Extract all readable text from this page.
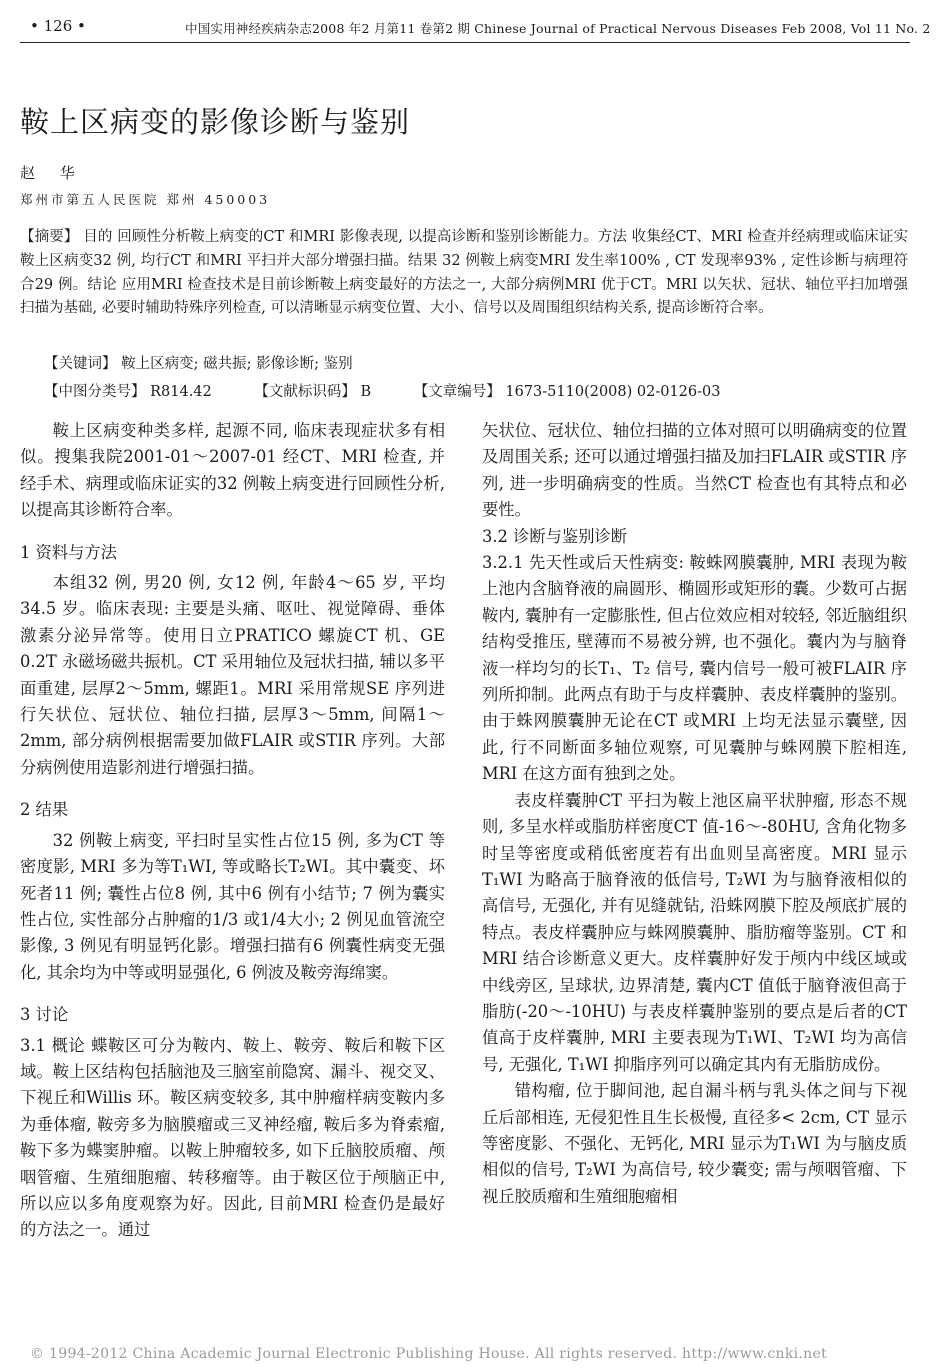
• 126 •	中国实用神经疾病杂志2008 年2 月第11 卷第2 期 Chinese Journal of Practical Nervous Diseases Feb 2008, Vol 11 No. 2
鞍上区病变的影像诊断与鉴别
赵 华
郑州市第五人民医院 郑州 450003

【摘要】 目的 回顾性分析鞍上病变的CT 和MRI 影像表现, 以提高诊断和鉴别诊断能力。方法 收集经CT、MRI 检查并经病理或临床证实鞍上区病变32 例, 均行CT 和MRI 平扫并大部分增强扫描。结果 32 例鞍上病变MRI 发生率100% , CT 发现率93% , 定性诊断与病理符合29 例。结论 应用MRI 检查技术是目前诊断鞍上病变最好的方法之一, 大部分病例MRI 优于CT。MRI 以矢状、冠状、轴位平扫加增强扫描为基础, 必要时辅助特殊序列检查, 可以清晰显示病变位置、大小、信号以及周围组织结构关系, 提高诊断符合率。

【关键词】 鞍上区病变; 磁共振; 影像诊断; 鉴别
【中图分类号】 R814.42	【文献标识码】 B	【文章编号】 1673-5110(2008) 02-0126-03

鞍上区病变种类多样, 起源不同, 临床表现症状多有相似。搜集我院2001-01～2007-01 经CT、MRI 检查, 并经手术、病理或临床证实的32 例鞍上病变进行回顾性分析, 以提高其诊断符合率。

1 资料与方法

本组32 例, 男20 例, 女12 例, 年龄4～65 岁, 平均34.5 岁。临床表现: 主要是头痛、呕吐、视觉障碍、垂体激素分泌异常等。使用日立PRATICO 螺旋CT 机、GE 0.2T 永磁场磁共振机。CT 采用轴位及冠状扫描, 辅以多平面重建, 层厚2～5mm, 螺距1。MRI 采用常规SE 序列进行矢状位、冠状位、轴位扫描, 层厚3～5mm, 间隔1～2mm, 部分病例根据需要加做FLAIR 或STIR 序列。大部分病例使用造影剂进行增强扫描。

2 结果

32 例鞍上病变, 平扫时呈实性占位15 例, 多为CT 等密度影, MRI 多为等T₁WI, 等或略长T₂WI。其中囊变、坏死者11 例; 囊性占位8 例, 其中6 例有小结节; 7 例为囊实性占位, 实性部分占肿瘤的1/3 或1/4大小; 2 例见血管流空影像, 3 例见有明显钙化影。增强扫描有6 例囊性病变无强化, 其余均为中等或明显强化, 6 例波及鞍旁海绵窦。

3 讨论

3.1 概论 蝶鞍区可分为鞍内、鞍上、鞍旁、鞍后和鞍下区域。鞍上区结构包括脑池及三脑室前隐窝、漏斗、视交叉、下视丘和Willis 环。鞍区病变较多, 其中肿瘤样病变鞍内多为垂体瘤, 鞍旁多为脑膜瘤或三叉神经瘤, 鞍后多为脊索瘤, 鞍下多为蝶窦肿瘤。以鞍上肿瘤较多, 如下丘脑胶质瘤、颅咽管瘤、生殖细胞瘤、转移瘤等。由于鞍区位于颅脑正中, 所以应以多角度观察为好。因此, 目前MRI 检查仍是最好的方法之一。通过

矢状位、冠状位、轴位扫描的立体对照可以明确病变的位置及周围关系; 还可以通过增强扫描及加扫FLAIR 或STIR 序列, 进一步明确病变的性质。当然CT 检查也有其特点和必要性。

3.2 诊断与鉴别诊断

3.2.1 先天性或后天性病变: 鞍蛛网膜囊肿, MRI 表现为鞍上池内含脑脊液的扁圆形、椭圆形或矩形的囊。少数可占据鞍内, 囊肿有一定膨胀性, 但占位效应相对较轻, 邻近脑组织结构受推压, 壁薄而不易被分辨, 也不强化。囊内为与脑脊液一样均匀的长T₁、T₂ 信号, 囊内信号一般可被FLAIR 序列所抑制。此两点有助于与皮样囊肿、表皮样囊肿的鉴别。由于蛛网膜囊肿无论在CT 或MRI 上均无法显示囊壁, 因此, 行不同断面多轴位观察, 可见囊肿与蛛网膜下腔相连, MRI 在这方面有独到之处。

表皮样囊肿CT 平扫为鞍上池区扁平状肿瘤, 形态不规则, 多呈水样或脂肪样密度CT 值-16～-80HU, 含角化物多时呈等密度或稍低密度若有出血则呈高密度。MRI 显示T₁WI 为略高于脑脊液的低信号, T₂WI 为与脑脊液相似的高信号, 无强化, 并有见缝就钻, 沿蛛网膜下腔及颅底扩展的特点。表皮样囊肿应与蛛网膜囊肿、脂肪瘤等鉴别。CT 和MRI 结合诊断意义更大。皮样囊肿好发于颅内中线区域或中线旁区, 呈球状, 边界清楚, 囊内CT 值低于脑脊液但高于脂肪(-20～-10HU) 与表皮样囊肿鉴别的要点是后者的CT 值高于皮样囊肿, MRI 主要表现为T₁WI、T₂WI 均为高信号, 无强化, T₁WI 抑脂序列可以确定其内有无脂肪成份。

错构瘤, 位于脚间池, 起自漏斗柄与乳头体之间与下视丘后部相连, 无侵犯性且生长极慢, 直径多< 2cm, CT 显示等密度影、不强化、无钙化, MRI 显示为T₁WI 为与脑皮质相似的信号, T₂WI 为高信号, 较少囊变; 需与颅咽管瘤、下视丘胶质瘤和生殖细胞瘤相

© 1994-2012 China Academic Journal Electronic Publishing House. All rights reserved. http://www.cnki.net
